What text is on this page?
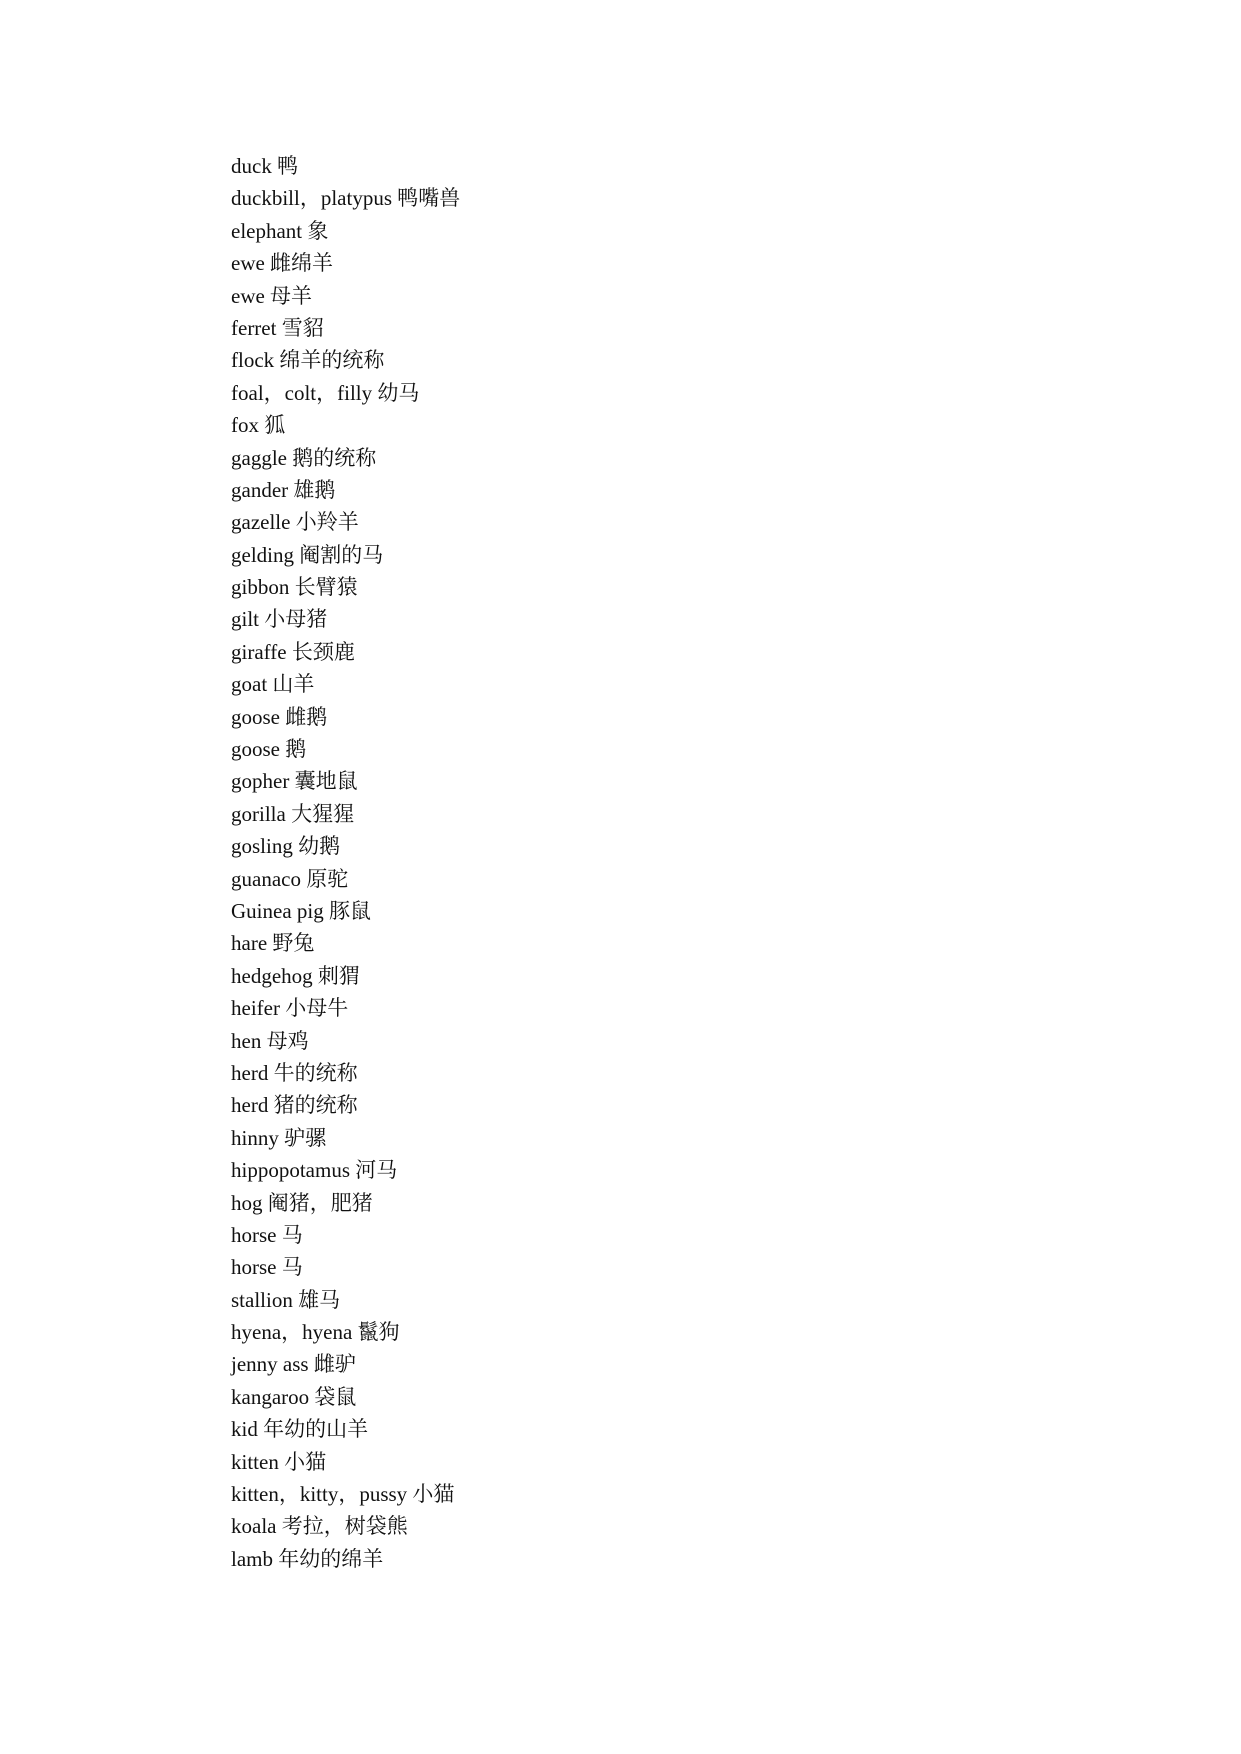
duck 鸭
duckbill，platypus 鸭嘴兽
elephant 象
ewe 雌绵羊
ewe 母羊
ferret 雪貂
flock 绵羊的统称
foal，colt，filly 幼马
fox 狐
gaggle 鹅的统称
gander 雄鹅
gazelle 小羚羊
gelding 阉割的马
gibbon 长臂猿
gilt 小母猪
giraffe 长颈鹿
goat 山羊
goose 雌鹅
goose 鹅
gopher 囊地鼠
gorilla 大猩猩
gosling 幼鹅
guanaco 原驼
Guinea pig 豚鼠
hare 野兔
hedgehog 刺猬
heifer 小母牛
hen 母鸡
herd 牛的统称
herd 猪的统称
hinny 驴骡
hippopotamus 河马
hog 阉猪，肥猪
horse 马
horse 马
stallion 雄马
hyena，hyena 鬣狗
jenny ass 雌驴
kangaroo 袋鼠
kid 年幼的山羊
kitten 小猫
kitten，kitty，pussy 小猫
koala 考拉，树袋熊
lamb 年幼的绵羊
